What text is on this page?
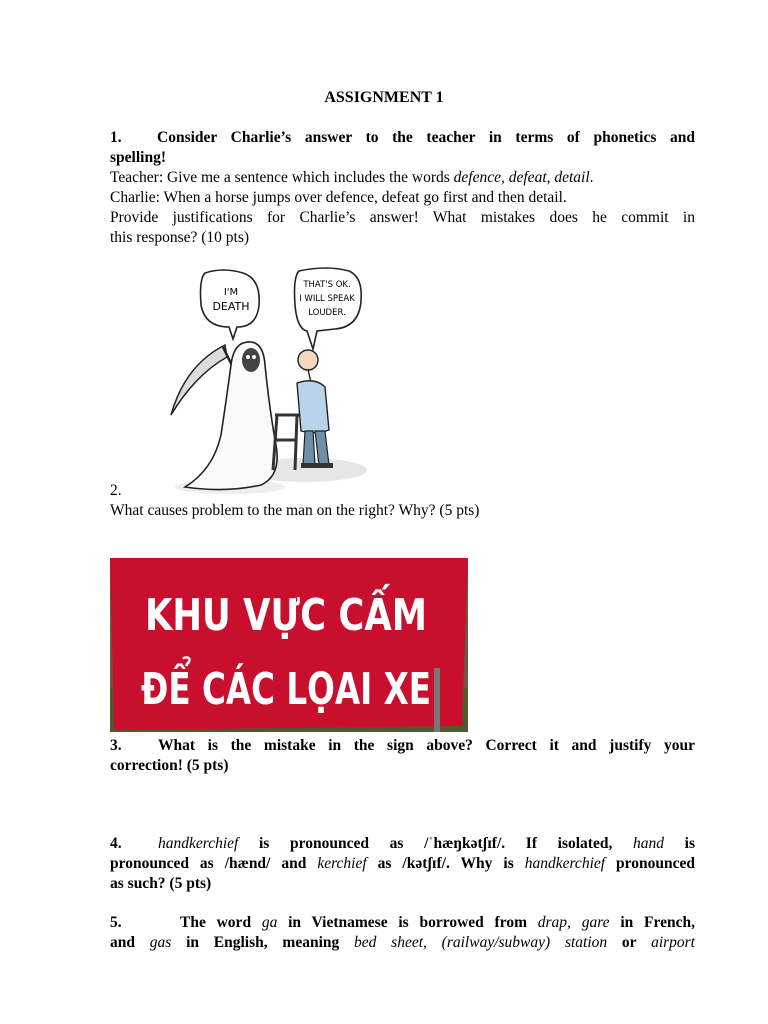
ASSIGNMENT 1
1. Consider Charlie’s answer to the teacher in terms of phonetics and
spelling!
Teacher: Give me a sentence which includes the words defence, defeat, detail.
Charlie: When a horse jumps over defence, defeat go first and then detail.
Provide justifications for Charlie’s answer! What mistakes does he commit in
this response? (10 pts)
I'M
DEATH
THAT'S OK.
I WILL SPEAK
LOUDER.
2.
What causes problem to the man on the right? Why? (5 pts)
KHU VỰC CẤM
ĐỂ CÁC LỌAI XE
3. What is the mistake in the sign above? Correct it and justify your
correction! (5 pts)
4. handkerchief is pronounced as /ˈhæŋkətʃɪf/. If isolated, hand is
pronounced as /hænd/ and kerchief as /kətʃɪf/. Why is handkerchief pronounced
as such? (5 pts)
5.	The word ga in Vietnamese is borrowed from drap, gare in French,
and gas in English, meaning bed sheet, (railway/subway) station or airport
